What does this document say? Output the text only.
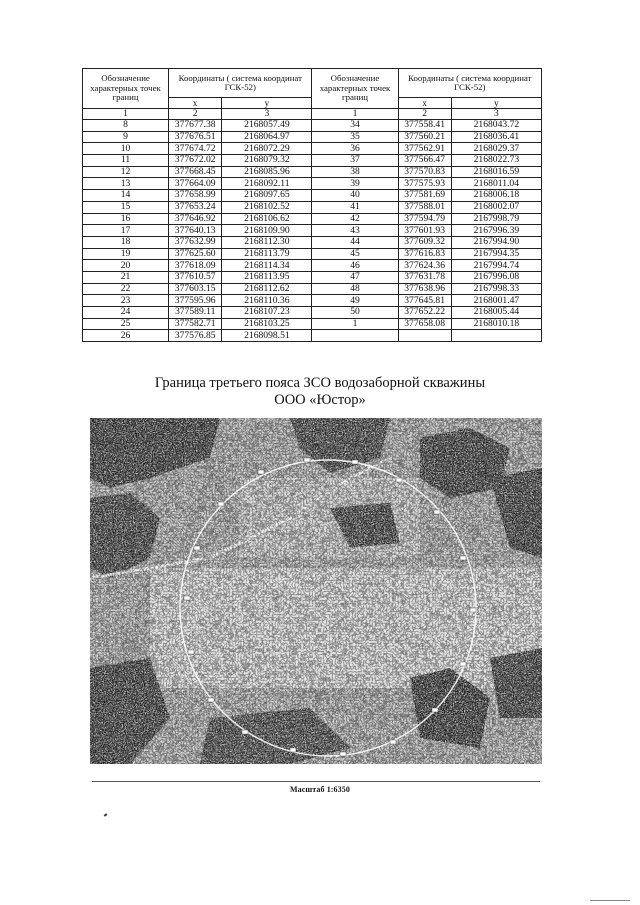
Обозначение характерных точек границ	Координаты ( система координат ГСК-52)		Обозначение характерных точек границ	Координаты ( система координат ГСК-52)	
	x	y		x	y
1	2	3	1	2	3
8	377677.38	2168057.49	34	377558.41	2168043.72
9	377676.51	2168064.97	35	377560.21	2168036.41
10	377674.72	2168072.29	36	377562.91	2168029.37
11	377672.02	2168079.32	37	377566.47	2168022.73
12	377668.45	2168085.96	38	377570.83	2168016.59
13	377664.09	2168092.11	39	377575.93	2168011.04
14	377658.99	2168097.65	40	377581.69	2168006.18
15	377653.24	2168102.52	41	377588.01	2168002.07
16	377646.92	2168106.62	42	377594.79	2167998.79
17	377640.13	2168109.90	43	377601.93	2167996.39
18	377632.99	2168112.30	44	377609.32	2167994.90
19	377625.60	2168113.79	45	377616.83	2167994.35
20	377618.09	2168114.34	46	377624.36	2167994.74
21	377610.57	2168113.95	47	377631.78	2167996.08
22	377603.15	2168112.62	48	377638.96	2167998.33
23	377595.96	2168110.36	49	377645.81	2168001.47
24	377589.11	2168107.23	50	377652.22	2168005.44
25	377582.71	2168103.25	1	377658.08	2168010.18
26	377576.85	2168098.51			
Граница третьего пояса ЗСО водозаборной скважины
ООО «Юстор»
Масштаб 1:6350
